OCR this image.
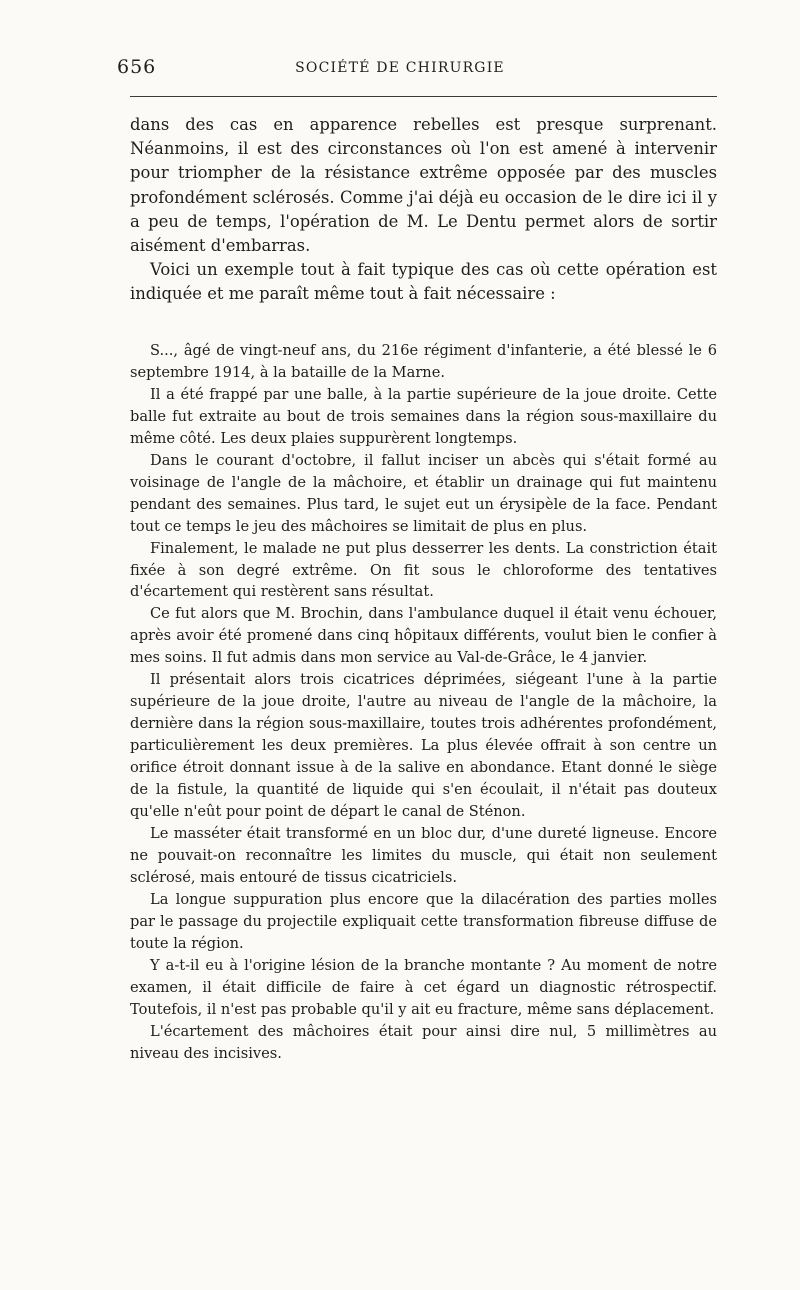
656	SOCIÉTÉ DE CHIRURGIE

dans des cas en apparence rebelles est presque surprenant. Néanmoins, il est des circonstances où l'on est amené à intervenir pour triompher de la résistance extrême opposée par des muscles profondément sclérosés. Comme j'ai déjà eu occasion de le dire ici il y a peu de temps, l'opération de M. Le Dentu permet alors de sortir aisément d'embarras.

Voici un exemple tout à fait typique des cas où cette opération est indiquée et me paraît même tout à fait nécessaire :

S..., âgé de vingt-neuf ans, du 216e régiment d'infanterie, a été blessé le 6 septembre 1914, à la bataille de la Marne.

Il a été frappé par une balle, à la partie supérieure de la joue droite. Cette balle fut extraite au bout de trois semaines dans la région sous-maxillaire du même côté. Les deux plaies suppurèrent longtemps.

Dans le courant d'octobre, il fallut inciser un abcès qui s'était formé au voisinage de l'angle de la mâchoire, et établir un drainage qui fut maintenu pendant des semaines. Plus tard, le sujet eut un érysipèle de la face. Pendant tout ce temps le jeu des mâchoires se limitait de plus en plus.

Finalement, le malade ne put plus desserrer les dents. La constriction était fixée à son degré extrême. On fit sous le chloroforme des tentatives d'écartement qui restèrent sans résultat.

Ce fut alors que M. Brochin, dans l'ambulance duquel il était venu échouer, après avoir été promené dans cinq hôpitaux différents, voulut bien le confier à mes soins. Il fut admis dans mon service au Val-de-Grâce, le 4 janvier.

Il présentait alors trois cicatrices déprimées, siégeant l'une à la partie supérieure de la joue droite, l'autre au niveau de l'angle de la mâchoire, la dernière dans la région sous-maxillaire, toutes trois adhérentes profondément, particulièrement les deux premières. La plus élevée offrait à son centre un orifice étroit donnant issue à de la salive en abondance. Etant donné le siège de la fistule, la quantité de liquide qui s'en écoulait, il n'était pas douteux qu'elle n'eût pour point de départ le canal de Sténon.

Le masséter était transformé en un bloc dur, d'une dureté ligneuse. Encore ne pouvait-on reconnaître les limites du muscle, qui était non seulement sclérosé, mais entouré de tissus cicatriciels.

La longue suppuration plus encore que la dilacération des parties molles par le passage du projectile expliquait cette transformation fibreuse diffuse de toute la région.

Y a-t-il eu à l'origine lésion de la branche montante ? Au moment de notre examen, il était difficile de faire à cet égard un diagnostic rétrospectif. Toutefois, il n'est pas probable qu'il y ait eu fracture, même sans déplacement.

L'écartement des mâchoires était pour ainsi dire nul, 5 millimètres au niveau des incisives.
